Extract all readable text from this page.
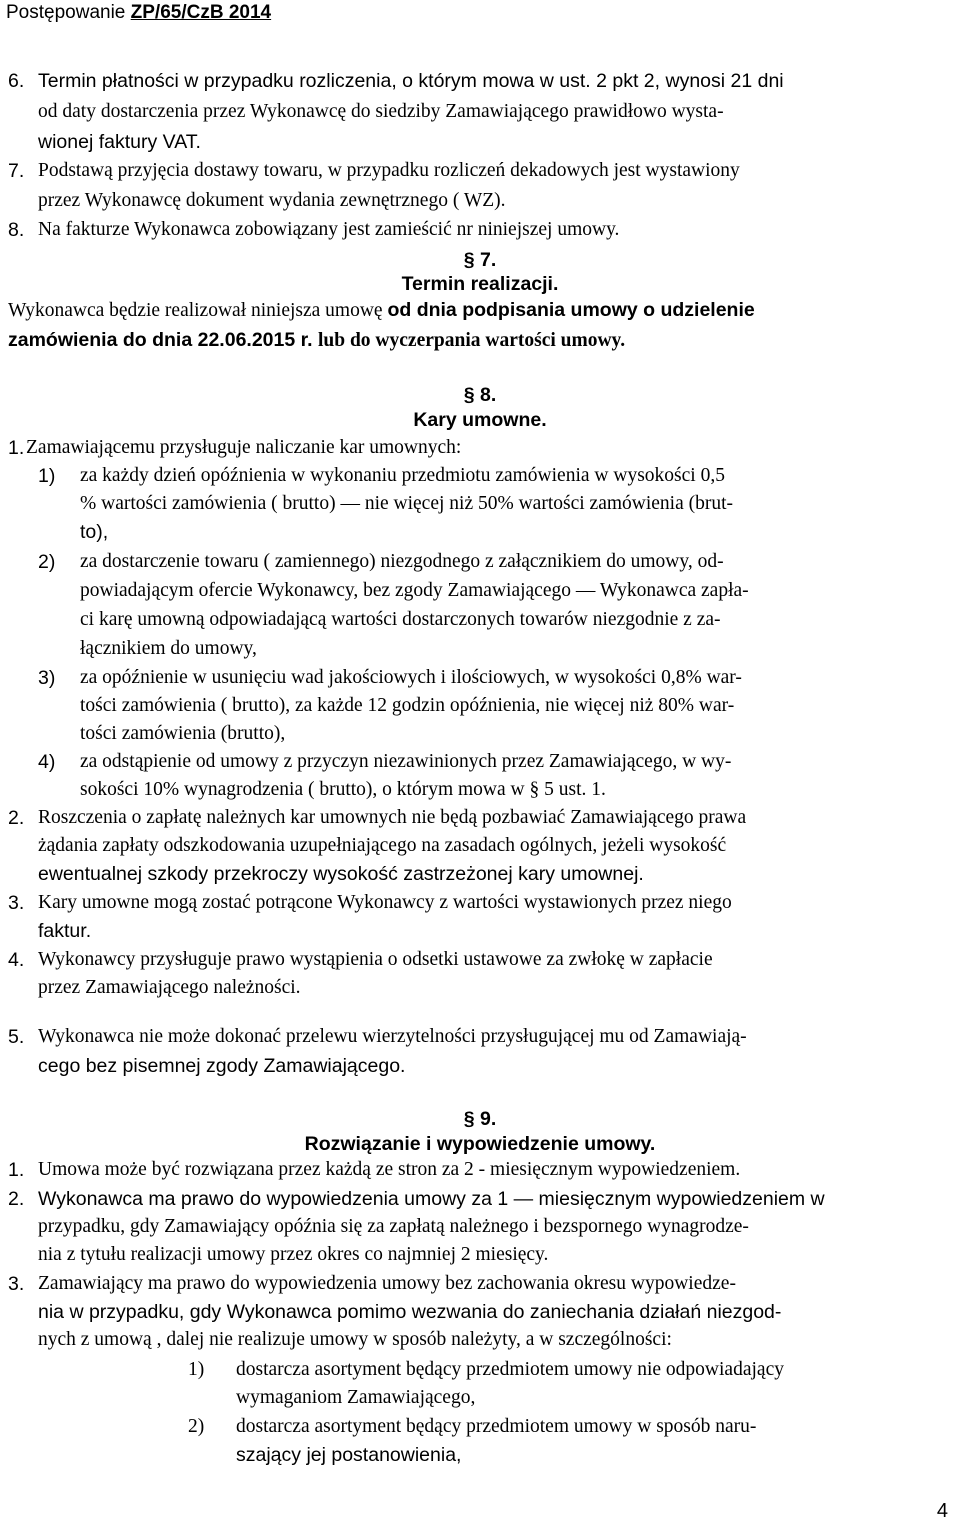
Postępowanie ZP/65/CzB 2014
6. Termin płatności w przypadku rozliczenia, o którym mowa w ust. 2 pkt 2, wynosi 21 dni
od daty dostarczenia przez Wykonawcę do siedziby Zamawiającego prawidłowo wysta-
wionej faktury VAT.
7. Podstawą przyjęcia dostawy towaru, w przypadku rozliczeń dekadowych jest wystawiony
przez Wykonawcę dokument wydania zewnętrznego ( WZ).
8. Na fakturze Wykonawca zobowiązany jest zamieścić nr niniejszej umowy.
§ 7.
Termin realizacji.
Wykonawca będzie realizował niniejsza umowę od dnia podpisania umowy o udzielenie
zamówienia do dnia 22.06.2015 r. lub do wyczerpania wartości umowy.
§ 8.
Kary umowne.
1. Zamawiającemu przysługuje naliczanie kar umownych:
1) za każdy dzień opóźnienia w wykonaniu przedmiotu zamówienia w wysokości 0,5
% wartości zamówienia ( brutto) — nie więcej niż 50% wartości zamówienia (brut-
to),
2) za dostarczenie towaru ( zamiennego) niezgodnego z załącznikiem do umowy, od-
powiadającym ofercie Wykonawcy, bez zgody Zamawiającego — Wykonawca zapła-
ci karę umowną odpowiadającą wartości dostarczonych towarów niezgodnie z za-
łącznikiem do umowy,
3) za opóźnienie w usunięciu wad jakościowych i ilościowych, w wysokości 0,8% war-
tości zamówienia ( brutto), za każde 12 godzin opóźnienia, nie więcej niż 80% war-
tości zamówienia (brutto),
4) za odstąpienie od umowy z przyczyn niezawinionych przez Zamawiającego, w wy-
sokości 10% wynagrodzenia ( brutto), o którym mowa w § 5 ust. 1.
2. Roszczenia o zapłatę należnych kar umownych nie będą pozbawiać Zamawiającego prawa
żądania zapłaty odszkodowania uzupełniającego na zasadach ogólnych, jeżeli wysokość
ewentualnej szkody przekroczy wysokość zastrzeżonej kary umownej.
3. Kary umowne mogą zostać potrącone Wykonawcy z wartości wystawionych przez niego
faktur.
4. Wykonawcy przysługuje prawo wystąpienia o odsetki ustawowe za zwłokę w zapłacie
przez Zamawiającego należności.
5. Wykonawca nie może dokonać przelewu wierzytelności przysługującej mu od Zamawiają-
cego bez pisemnej zgody Zamawiającego.
§ 9.
Rozwiązanie i wypowiedzenie umowy.
1. Umowa może być rozwiązana przez każdą ze stron za 2 - miesięcznym wypowiedzeniem.
2. Wykonawca ma prawo do wypowiedzenia umowy za 1 — miesięcznym wypowiedzeniem w
przypadku, gdy Zamawiający opóźnia się za zapłatą należnego i bezspornego wynagrodze-
nia z tytułu realizacji umowy przez okres co najmniej 2 miesięcy.
3. Zamawiający ma prawo do wypowiedzenia umowy bez zachowania okresu wypowiedze-
nia w przypadku, gdy Wykonawca pomimo wezwania do zaniechania działań niezgod-
nych z umową , dalej nie realizuje umowy w sposób należyty, a w szczególności:
1) dostarcza asortyment będący przedmiotem umowy nie odpowiadający
wymaganiom Zamawiającego,
2) dostarcza asortyment będący przedmiotem umowy w sposób naru-
szający jej postanowienia,
4
